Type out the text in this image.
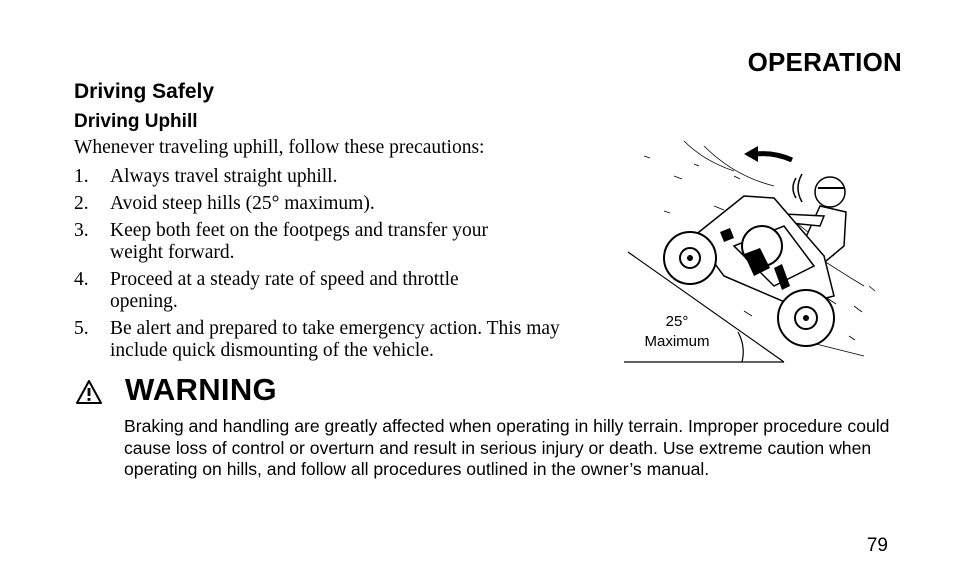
OPERATION
Driving Safely
Driving Uphill
Whenever traveling uphill, follow these precautions:
1.	Always travel straight uphill.
2.	Avoid steep hills (25° maximum).
3.	Keep both feet on the footpegs and transfer your weight forward.
4.	Proceed at a steady rate of speed and throttle opening.
5.	Be alert and prepared to take emergency action. This may include quick dismounting of the vehicle.
25°
Maximum
WARNING
Braking and handling are greatly affected when operating in hilly terrain. Improper procedure could cause loss of control or overturn and result in serious injury or death. Use extreme caution when operating on hills, and follow all procedures outlined in the owner’s manual.
79
